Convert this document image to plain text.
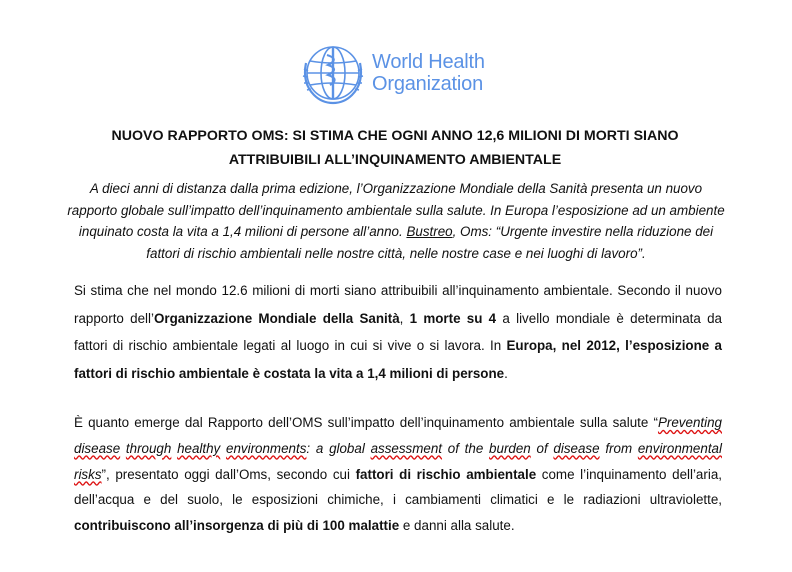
World Health
Organization
NUOVO RAPPORTO OMS: SI STIMA CHE OGNI ANNO 12,6 MILIONI DI MORTI SIANO
ATTRIBUIBILI ALL’INQUINAMENTO AMBIENTALE
A dieci anni di distanza dalla prima edizione, l’Organizzazione Mondiale della Sanità presenta un nuovo rapporto globale sull’impatto dell’inquinamento ambientale sulla salute. In Europa l’esposizione ad un ambiente inquinato costa la vita a 1,4 milioni di persone all’anno. Bustreo, Oms: “Urgente investire nella riduzione dei fattori di rischio ambientali nelle nostre città, nelle nostre case e nei luoghi di lavoro”.
Si stima che nel mondo 12.6 milioni di morti siano attribuibili all’inquinamento ambientale. Secondo il nuovo rapporto dell’Organizzazione Mondiale della Sanità, 1 morte su 4 a livello mondiale è determinata da fattori di rischio ambientale legati al luogo in cui si vive o si lavora. In Europa, nel 2012, l’esposizione a fattori di rischio ambientale è costata la vita a 1,4 milioni di persone.
È quanto emerge dal Rapporto dell’OMS sull’impatto dell’inquinamento ambientale sulla salute “Preventing disease through healthy environments: a global assessment of the burden of disease from environmental risks”, presentato oggi dall’Oms, secondo cui fattori di rischio ambientale come l’inquinamento dell’aria, dell’acqua e del suolo, le esposizioni chimiche, i cambiamenti climatici e le radiazioni ultraviolette, contribuiscono all’insorgenza di più di 100 malattie e danni alla salute.
